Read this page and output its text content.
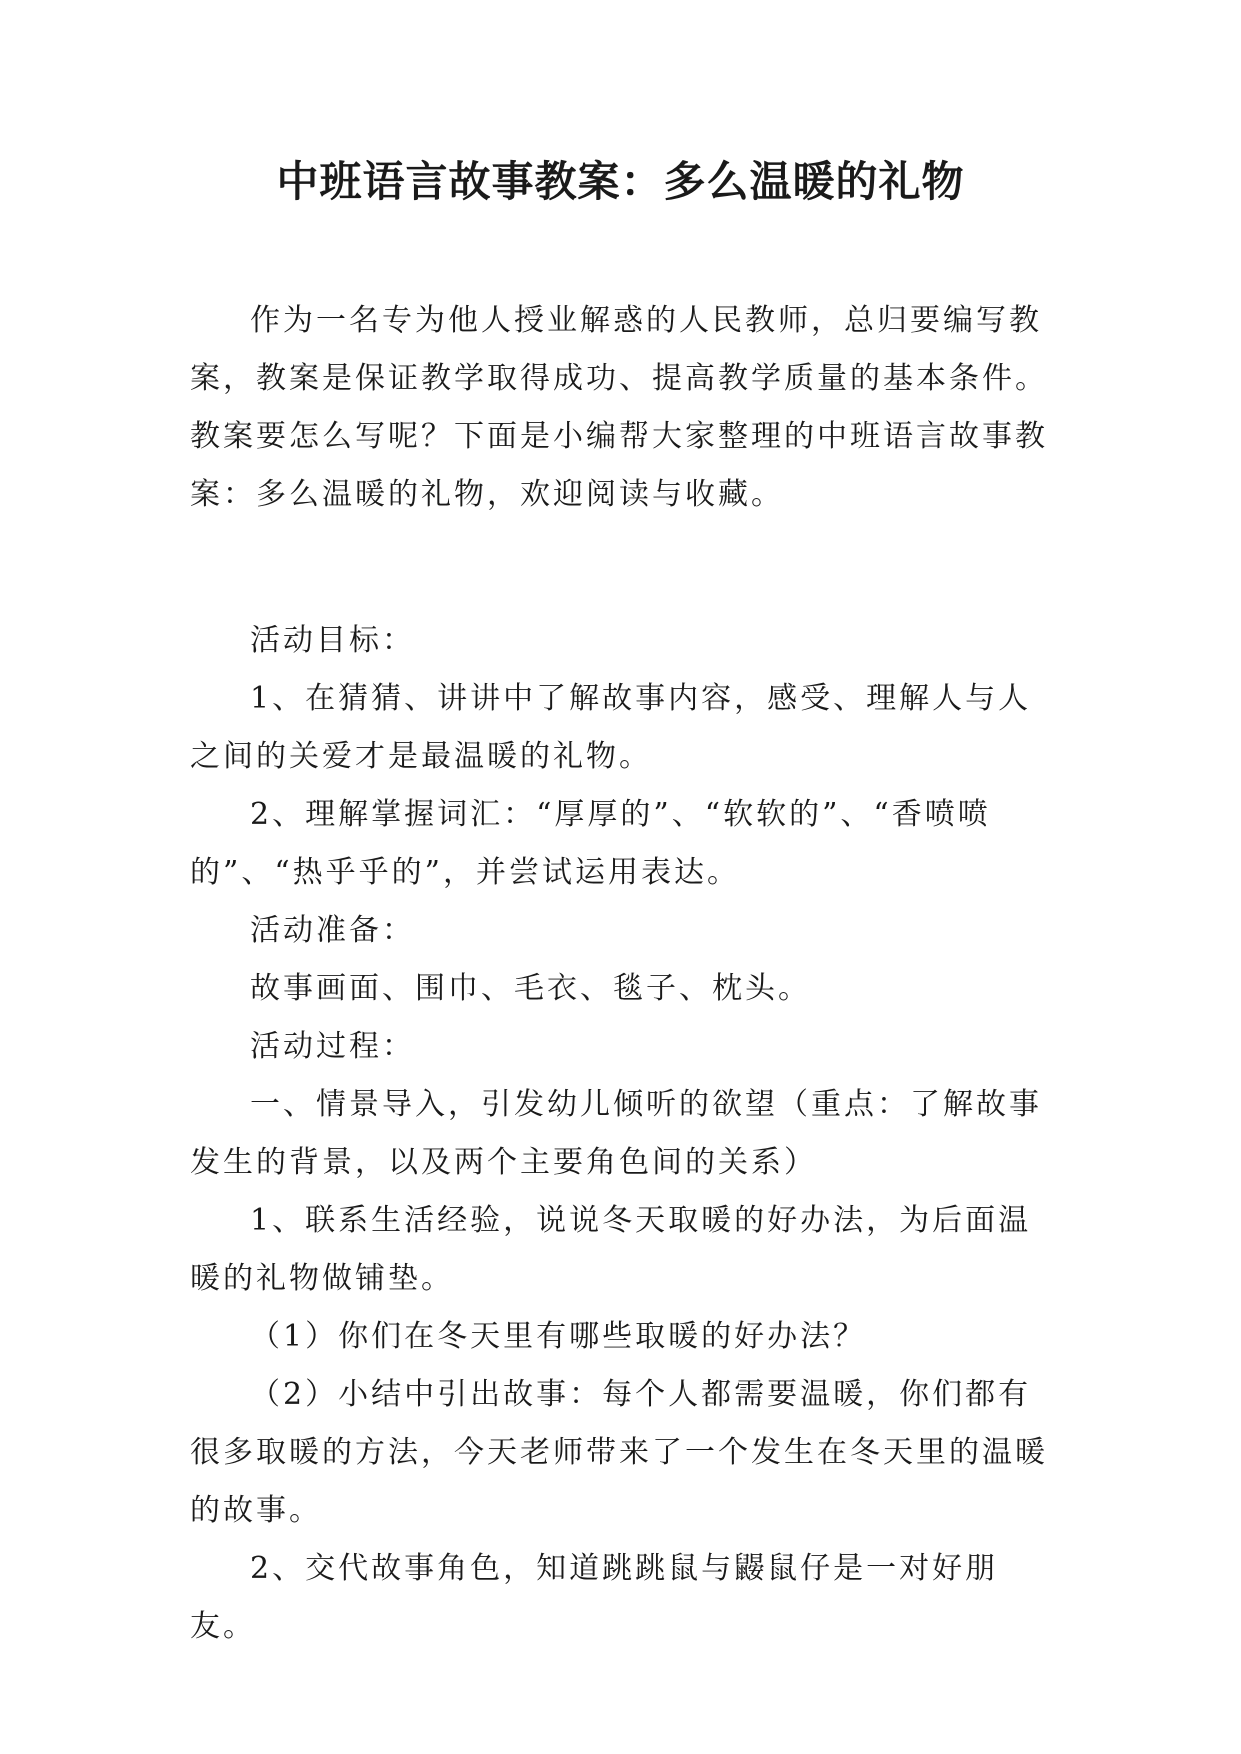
中班语言故事教案：多么温暖的礼物

作为一名专为他人授业解惑的人民教师，总归要编写教案，教案是保证教学取得成功、提高教学质量的基本条件。教案要怎么写呢？下面是小编帮大家整理的中班语言故事教案：多么温暖的礼物，欢迎阅读与收藏。

活动目标：

1、在猜猜、讲讲中了解故事内容，感受、理解人与人之间的关爱才是最温暖的礼物。

2、理解掌握词汇：“厚厚的”、“软软的”、“香喷喷的”、“热乎乎的”，并尝试运用表达。

活动准备：

故事画面、围巾、毛衣、毯子、枕头。

活动过程：

一、情景导入，引发幼儿倾听的欲望（重点：了解故事发生的背景，以及两个主要角色间的关系）

1、联系生活经验，说说冬天取暖的好办法，为后面温暖的礼物做铺垫。

（1）你们在冬天里有哪些取暖的好办法？

（2）小结中引出故事：每个人都需要温暖，你们都有很多取暖的方法，今天老师带来了一个发生在冬天里的温暖的故事。

2、交代故事角色，知道跳跳鼠与鼹鼠仔是一对好朋友。
